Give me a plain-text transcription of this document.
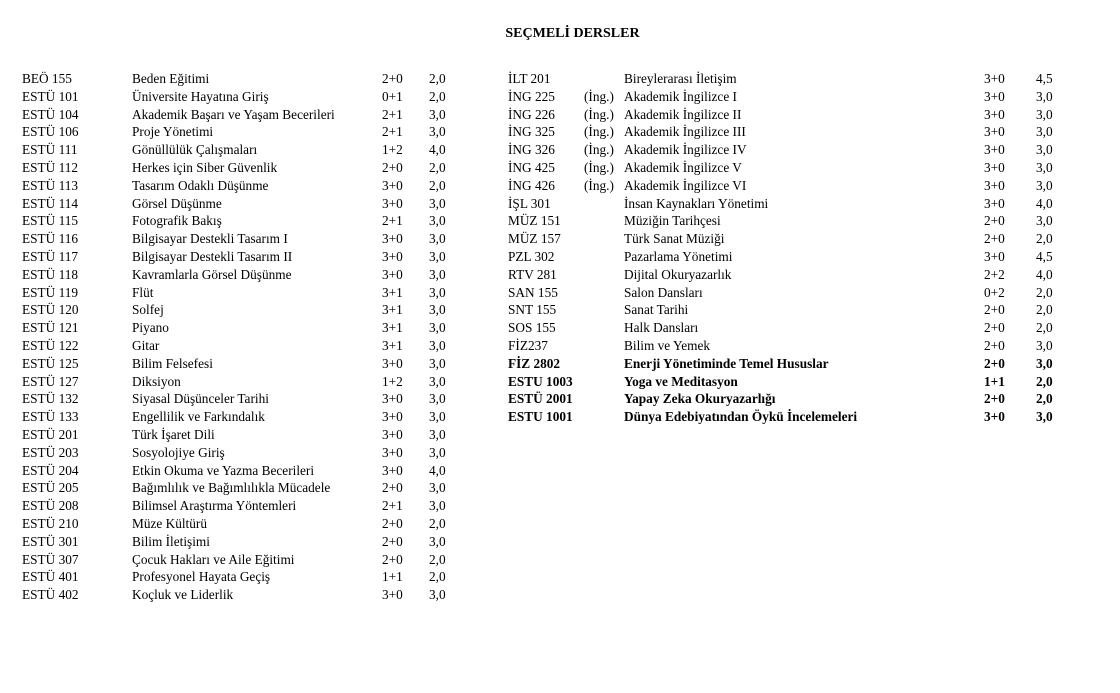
SEÇMELİ DERSLER
BEÖ 155	Beden Eğitimi	2+0 2,0
ESTÜ 101	Üniversite Hayatına Giriş	0+1 2,0
ESTÜ 104	Akademik Başarı ve Yaşam Becerileri	2+1 3,0
ESTÜ 106	Proje Yönetimi	2+1 3,0
ESTÜ 111	Gönüllülük Çalışmaları	1+2 4,0
ESTÜ 112	Herkes için Siber Güvenlik	2+0 2,0
ESTÜ 113	Tasarım Odaklı Düşünme	3+0 2,0
ESTÜ 114	Görsel Düşünme	3+0 3,0
ESTÜ 115	Fotografik Bakış	2+1 3,0
ESTÜ 116	Bilgisayar Destekli Tasarım I	3+0 3,0
ESTÜ 117	Bilgisayar Destekli Tasarım II	3+0 3,0
ESTÜ 118	Kavramlarla Görsel Düşünme	3+0 3,0
ESTÜ 119	Flüt	3+1 3,0
ESTÜ 120	Solfej	3+1 3,0
ESTÜ 121	Piyano	3+1 3,0
ESTÜ 122	Gitar	3+1 3,0
ESTÜ 125	Bilim Felsefesi	3+0 3,0
ESTÜ 127	Diksiyon	1+2 3,0
ESTÜ 132	Siyasal Düşünceler Tarihi	3+0 3,0
ESTÜ 133	Engellilik ve Farkındalık	3+0 3,0
ESTÜ 201	Türk İşaret Dili	3+0 3,0
ESTÜ 203	Sosyolojiye Giriş	3+0 3,0
ESTÜ 204	Etkin Okuma ve Yazma Becerileri	3+0 4,0
ESTÜ 205	Bağımlılık ve Bağımlılıkla Mücadele	2+0 3,0
ESTÜ 208	Bilimsel Araştırma Yöntemleri	2+1 3,0
ESTÜ 210	Müze Kültürü	2+0 2,0
ESTÜ 301	Bilim İletişimi	2+0 3,0
ESTÜ 307	Çocuk Hakları ve Aile Eğitimi	2+0 2,0
ESTÜ 401	Profesyonel Hayata Geçiş	1+1 2,0
ESTÜ 402	Koçluk ve Liderlik	3+0 3,0
İLT 201	Bireylerarası İletişim	3+0 4,5
İNG 225 (İng.) Akademik İngilizce I	3+0 3,0
İNG 226 (İng.) Akademik İngilizce II	3+0 3,0
İNG 325 (İng.) Akademik İngilizce III	3+0 3,0
İNG 326 (İng.) Akademik İngilizce IV	3+0 3,0
İNG 425 (İng.) Akademik İngilizce V	3+0 3,0
İNG 426 (İng.) Akademik İngilizce VI	3+0 3,0
İŞL 301	İnsan Kaynakları Yönetimi	3+0 4,0
MÜZ 151	Müziğin Tarihçesi	2+0 3,0
MÜZ 157	Türk Sanat Müziği	2+0 2,0
PZL 302	Pazarlama Yönetimi	3+0 4,5
RTV 281	Dijital Okuryazarlık	2+2 4,0
SAN 155	Salon Dansları	0+2 2,0
SNT 155	Sanat Tarihi	2+0 2,0
SOS 155	Halk Dansları	2+0 2,0
FİZ237	Bilim ve Yemek	2+0 3,0
FİZ 2802	Enerji Yönetiminde Temel Hususlar	2+0 3,0
ESTU 1003	Yoga ve Meditasyon	1+1 2,0
ESTÜ 2001	Yapay Zeka Okuryazarlığı	2+0 2,0
ESTU 1001	Dünya Edebiyatından Öykü İncelemeleri	3+0 3,0
